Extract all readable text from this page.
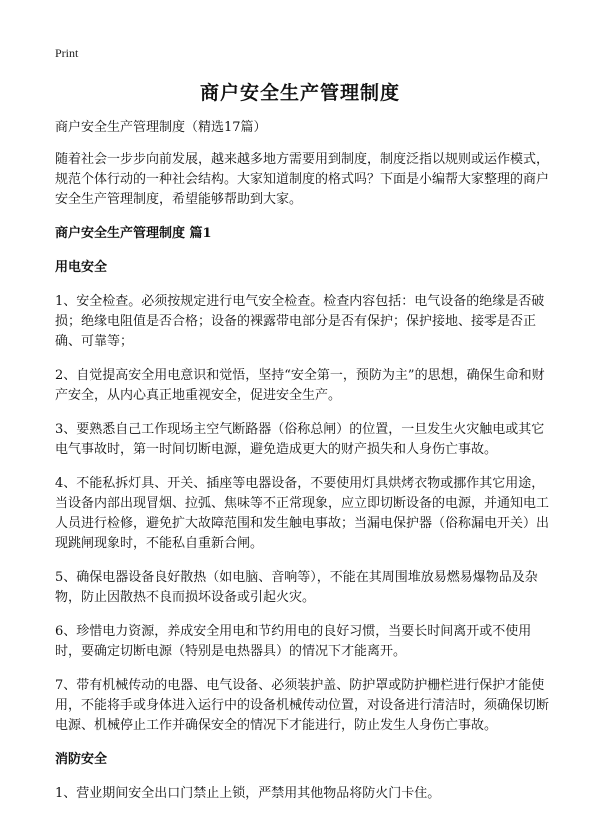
Print
商户安全生产管理制度

商户安全生产管理制度（精选17篇）

随着社会一步步向前发展，越来越多地方需要用到制度，制度泛指以规则或运作模式，规范个体行动的一种社会结构。大家知道制度的格式吗？下面是小编帮大家整理的商户安全生产管理制度，希望能够帮助到大家。

商户安全生产管理制度 篇1

用电安全

1、安全检查。必须按规定进行电气安全检查。检查内容包括：电气设备的绝缘是否破损；绝缘电阻值是否合格；设备的裸露带电部分是否有保护；保护接地、接零是否正确、可靠等；

2、自觉提高安全用电意识和觉悟，坚持“安全第一，预防为主”的思想，确保生命和财产安全，从内心真正地重视安全，促进安全生产。

3、要熟悉自己工作现场主空气断路器（俗称总闸）的位置，一旦发生火灾触电或其它电气事故时，第一时间切断电源，避免造成更大的财产损失和人身伤亡事故。

4、不能私拆灯具、开关、插座等电器设备，不要使用灯具烘烤衣物或挪作其它用途，当设备内部出现冒烟、拉弧、焦味等不正常现象，应立即切断设备的电源，并通知电工人员进行检修，避免扩大故障范围和发生触电事故；当漏电保护器（俗称漏电开关）出现跳闸现象时，不能私自重新合闸。

5、确保电器设备良好散热（如电脑、音响等），不能在其周围堆放易燃易爆物品及杂物，防止因散热不良而损坏设备或引起火灾。

6、珍惜电力资源，养成安全用电和节约用电的良好习惯，当要长时间离开或不使用时，要确定切断电源（特别是电热器具）的情况下才能离开。

7、带有机械传动的电器、电气设备、必须装护盖、防护罩或防护栅栏进行保护才能使用，不能将手或身体进入运行中的设备机械传动位置，对设备进行清洁时，须确保切断电源、机械停止工作并确保安全的情况下才能进行，防止发生人身伤亡事故。

消防安全

1、营业期间安全出口门禁止上锁，严禁用其他物品将防火门卡住。
